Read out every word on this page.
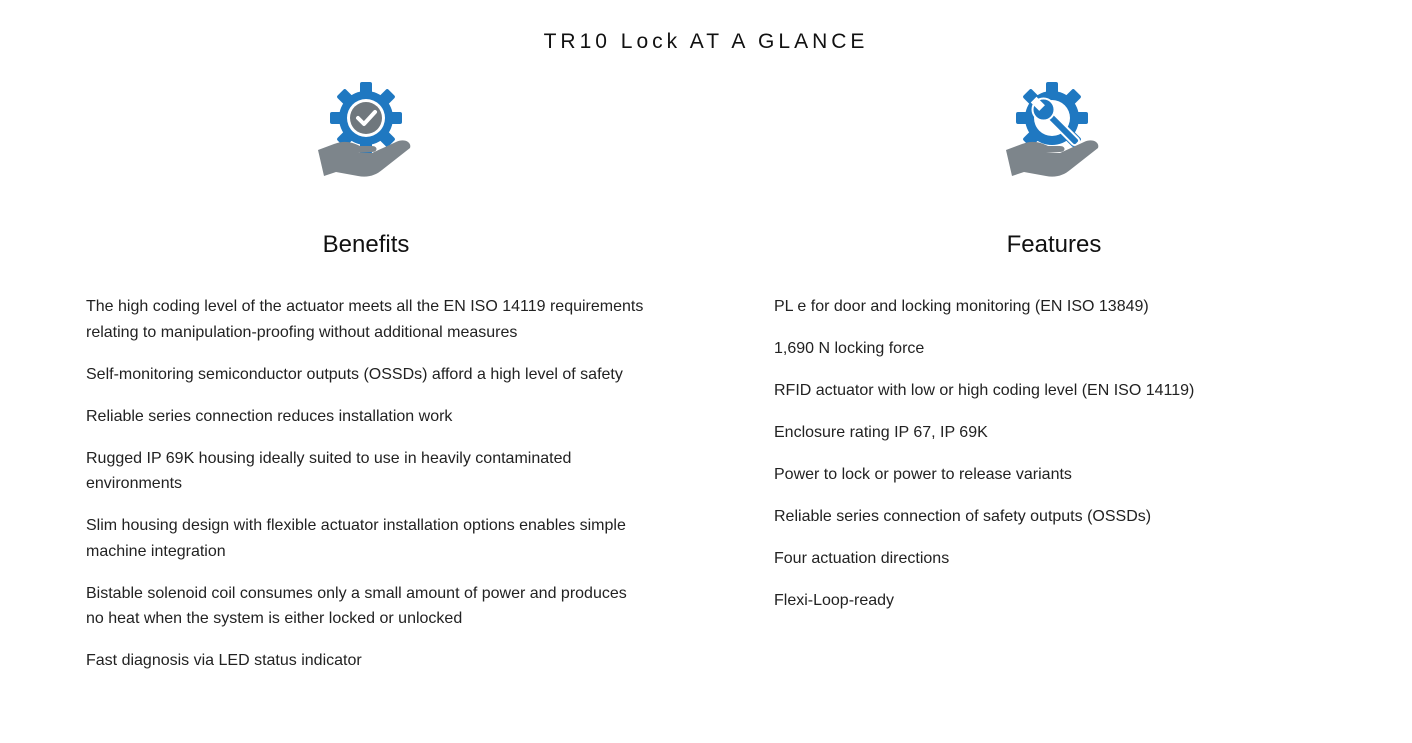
TR10 Lock AT A GLANCE
Benefits
The high coding level of the actuator meets all the EN ISO 14119 requirements relating to manipulation-proofing without additional measures
Self-monitoring semiconductor outputs (OSSDs) afford a high level of safety
Reliable series connection reduces installation work
Rugged IP 69K housing ideally suited to use in heavily contaminated environments
Slim housing design with flexible actuator installation options enables simple machine integration
Bistable solenoid coil consumes only a small amount of power and produces no heat when the system is either locked or unlocked
Fast diagnosis via LED status indicator
Features
PL e for door and locking monitoring (EN ISO 13849)
1,690 N locking force
RFID actuator with low or high coding level (EN ISO 14119)
Enclosure rating IP 67, IP 69K
Power to lock or power to release variants
Reliable series connection of safety outputs (OSSDs)
Four actuation directions
Flexi-Loop-ready
